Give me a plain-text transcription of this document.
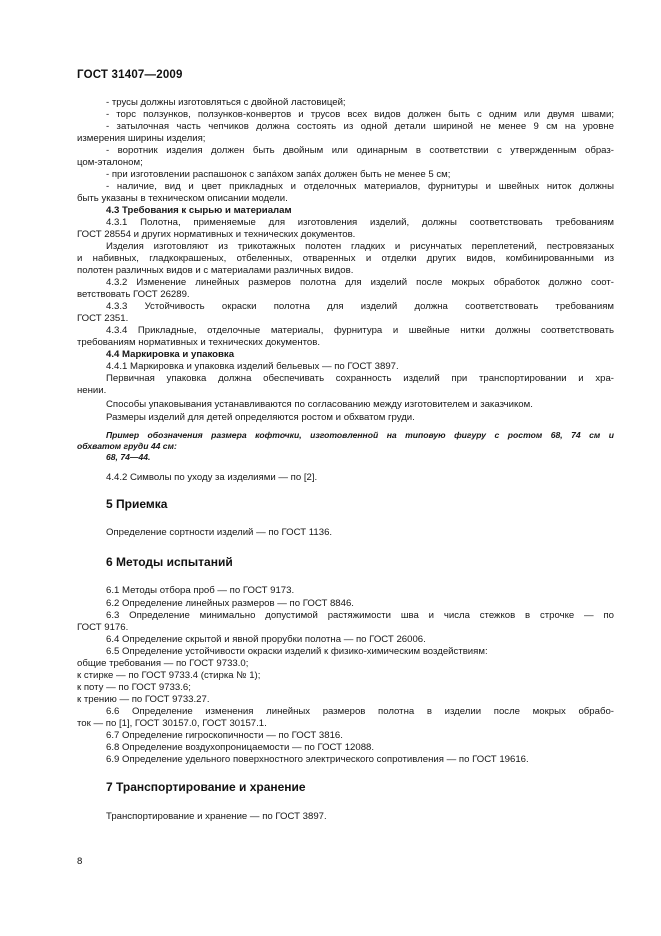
ГОСТ 31407—2009
- трусы должны изготовляться с двойной ластовицей;
- торс ползунков, ползунков-конвертов и трусов всех видов должен быть с одним или двумя швами;
- затылочная часть чепчиков должна состоять из одной детали шириной не менее 9 см на уровне
измерения ширины изделия;
- воротник изделия должен быть двойным или одинарным в соответствии с утвержденным образ-
цом-эталоном;
- при изготовлении распашонок с запáхом запáх должен быть не менее 5 см;
- наличие, вид и цвет прикладных и отделочных материалов, фурнитуры и швейных ниток должны
быть указаны в техническом описании модели.
4.3 Требования к сырью и материалам
4.3.1 Полотна, применяемые для изготовления изделий, должны соответствовать требованиям
ГОСТ 28554 и других нормативных и технических документов.
Изделия изготовляют из трикотажных полотен гладких и рисунчатых переплетений, пестровязаных
и набивных, гладкокрашеных, отбеленных, отваренных и отделки других видов, комбинированными из
полотен различных видов и с материалами различных видов.
4.3.2 Изменение линейных размеров полотна для изделий после мокрых обработок должно соот-
ветствовать ГОСТ 26289.
4.3.3 Устойчивость окраски полотна для изделий должна соответствовать требованиям
ГОСТ 2351.
4.3.4 Прикладные, отделочные материалы, фурнитура и швейные нитки должны соответствовать
требованиям нормативных и технических документов.
4.4 Маркировка и упаковка
4.4.1 Маркировка и упаковка изделий бельевых — по ГОСТ 3897.
Первичная упаковка должна обеспечивать сохранность изделий при транспортировании и хра-
нении.
Способы упаковывания устанавливаются по согласованию между изготовителем и заказчиком.
Размеры изделий для детей определяются ростом и обхватом груди.
Пример обозначения размера кофточки, изготовленной на типовую фигуру с ростом 68, 74 см и
обхватом груди 44 см:
68, 74—44.
4.4.2 Символы по уходу за изделиями — по [2].
5 Приемка
Определение сортности изделий — по ГОСТ 1136.
6 Методы испытаний
6.1 Методы отбора проб — по ГОСТ 9173.
6.2 Определение линейных размеров — по ГОСТ 8846.
6.3 Определение минимально допустимой растяжимости шва и числа стежков в строчке — по
ГОСТ 9176.
6.4 Определение скрытой и явной прорубки полотна — по ГОСТ 26006.
6.5 Определение устойчивости окраски изделий к физико-химическим воздействиям:
общие требования — по ГОСТ 9733.0;
к стирке — по ГОСТ 9733.4 (стирка № 1);
к поту — по ГОСТ 9733.6;
к трению — по ГОСТ 9733.27.
6.6 Определение изменения линейных размеров полотна в изделии после мокрых обрабо-
ток — по [1], ГОСТ 30157.0, ГОСТ 30157.1.
6.7 Определение гигроскопичности — по ГОСТ 3816.
6.8 Определение воздухопроницаемости — по ГОСТ 12088.
6.9 Определение удельного поверхностного электрического сопротивления — по ГОСТ 19616.
7 Транспортирование и хранение
Транспортирование и хранение — по ГОСТ 3897.
8
